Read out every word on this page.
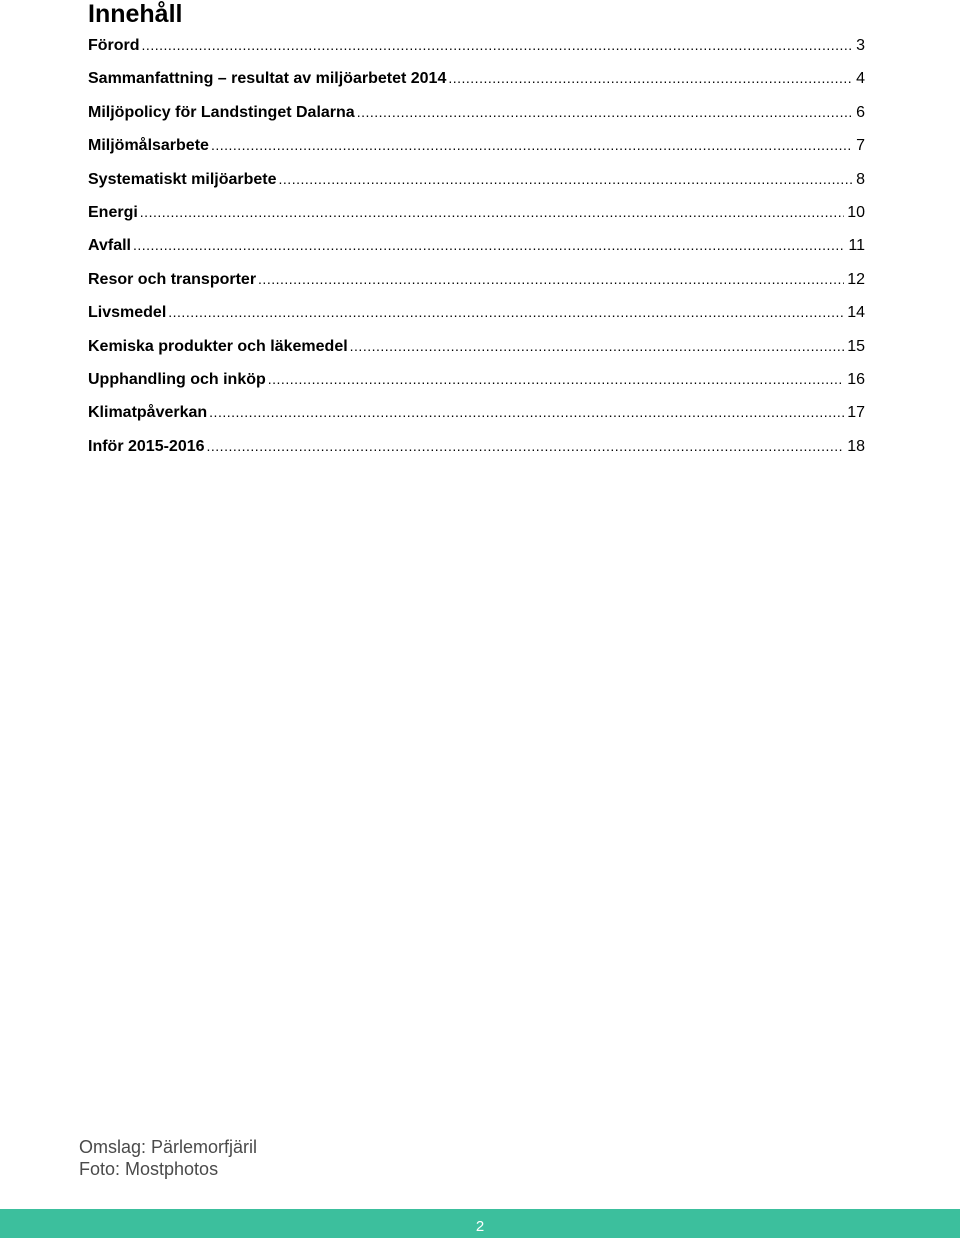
Innehåll
Förord .....	3
Sammanfattning – resultat av miljöarbetet 2014 .....	4
Miljöpolicy för Landstinget Dalarna .....	6
Miljömålsarbete .....	7
Systematiskt miljöarbete .....	8
Energi .....	10
Avfall .....	11
Resor och transporter .....	12
Livsmedel .....	14
Kemiska produkter och läkemedel .....	15
Upphandling och inköp .....	16
Klimatpåverkan .....	17
Inför 2015-2016 .....	18
Omslag: Pärlemorfjäril
Foto: Mostphotos
2
